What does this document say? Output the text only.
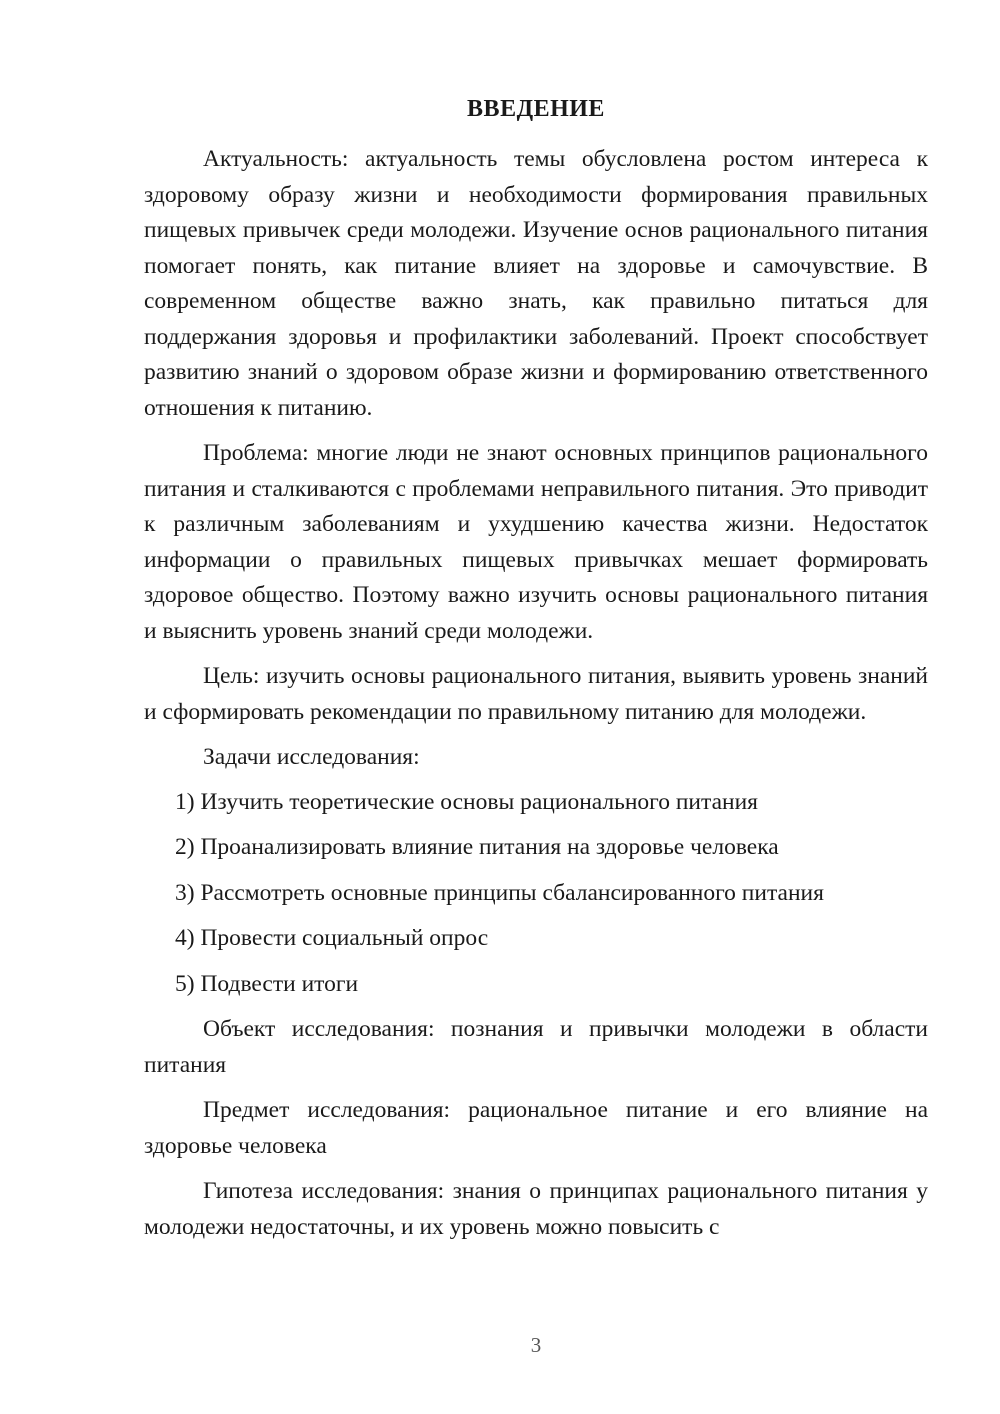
ВВЕДЕНИЕ

Актуальность: актуальность темы обусловлена ростом интереса к здоровому образу жизни и необходимости формирования правильных пищевых привычек среди молодежи. Изучение основ рационального питания помогает понять, как питание влияет на здоровье и самочувствие. В современном обществе важно знать, как правильно питаться для поддержания здоровья и профилактики заболеваний. Проект способствует развитию знаний о здоровом образе жизни и формированию ответственного отношения к питанию.

Проблема: многие люди не знают основных принципов рационального питания и сталкиваются с проблемами неправильного питания. Это приводит к различным заболеваниям и ухудшению качества жизни. Недостаток информации о правильных пищевых привычках мешает формировать здоровое общество. Поэтому важно изучить основы рационального питания и выяснить уровень знаний среди молодежи.

Цель: изучить основы рационального питания, выявить уровень знаний и сформировать рекомендации по правильному питанию для молодежи.

Задачи исследования:

1) Изучить теоретические основы рационального питания
2) Проанализировать влияние питания на здоровье человека
3) Рассмотреть основные принципы сбалансированного питания
4) Провести социальный опрос
5) Подвести итоги

Объект исследования: познания и привычки молодежи в области питания

Предмет исследования: рациональное питание и его влияние на здоровье человека

Гипотеза исследования: знания о принципах рационального питания у молодежи недостаточны, и их уровень можно повысить с

3
